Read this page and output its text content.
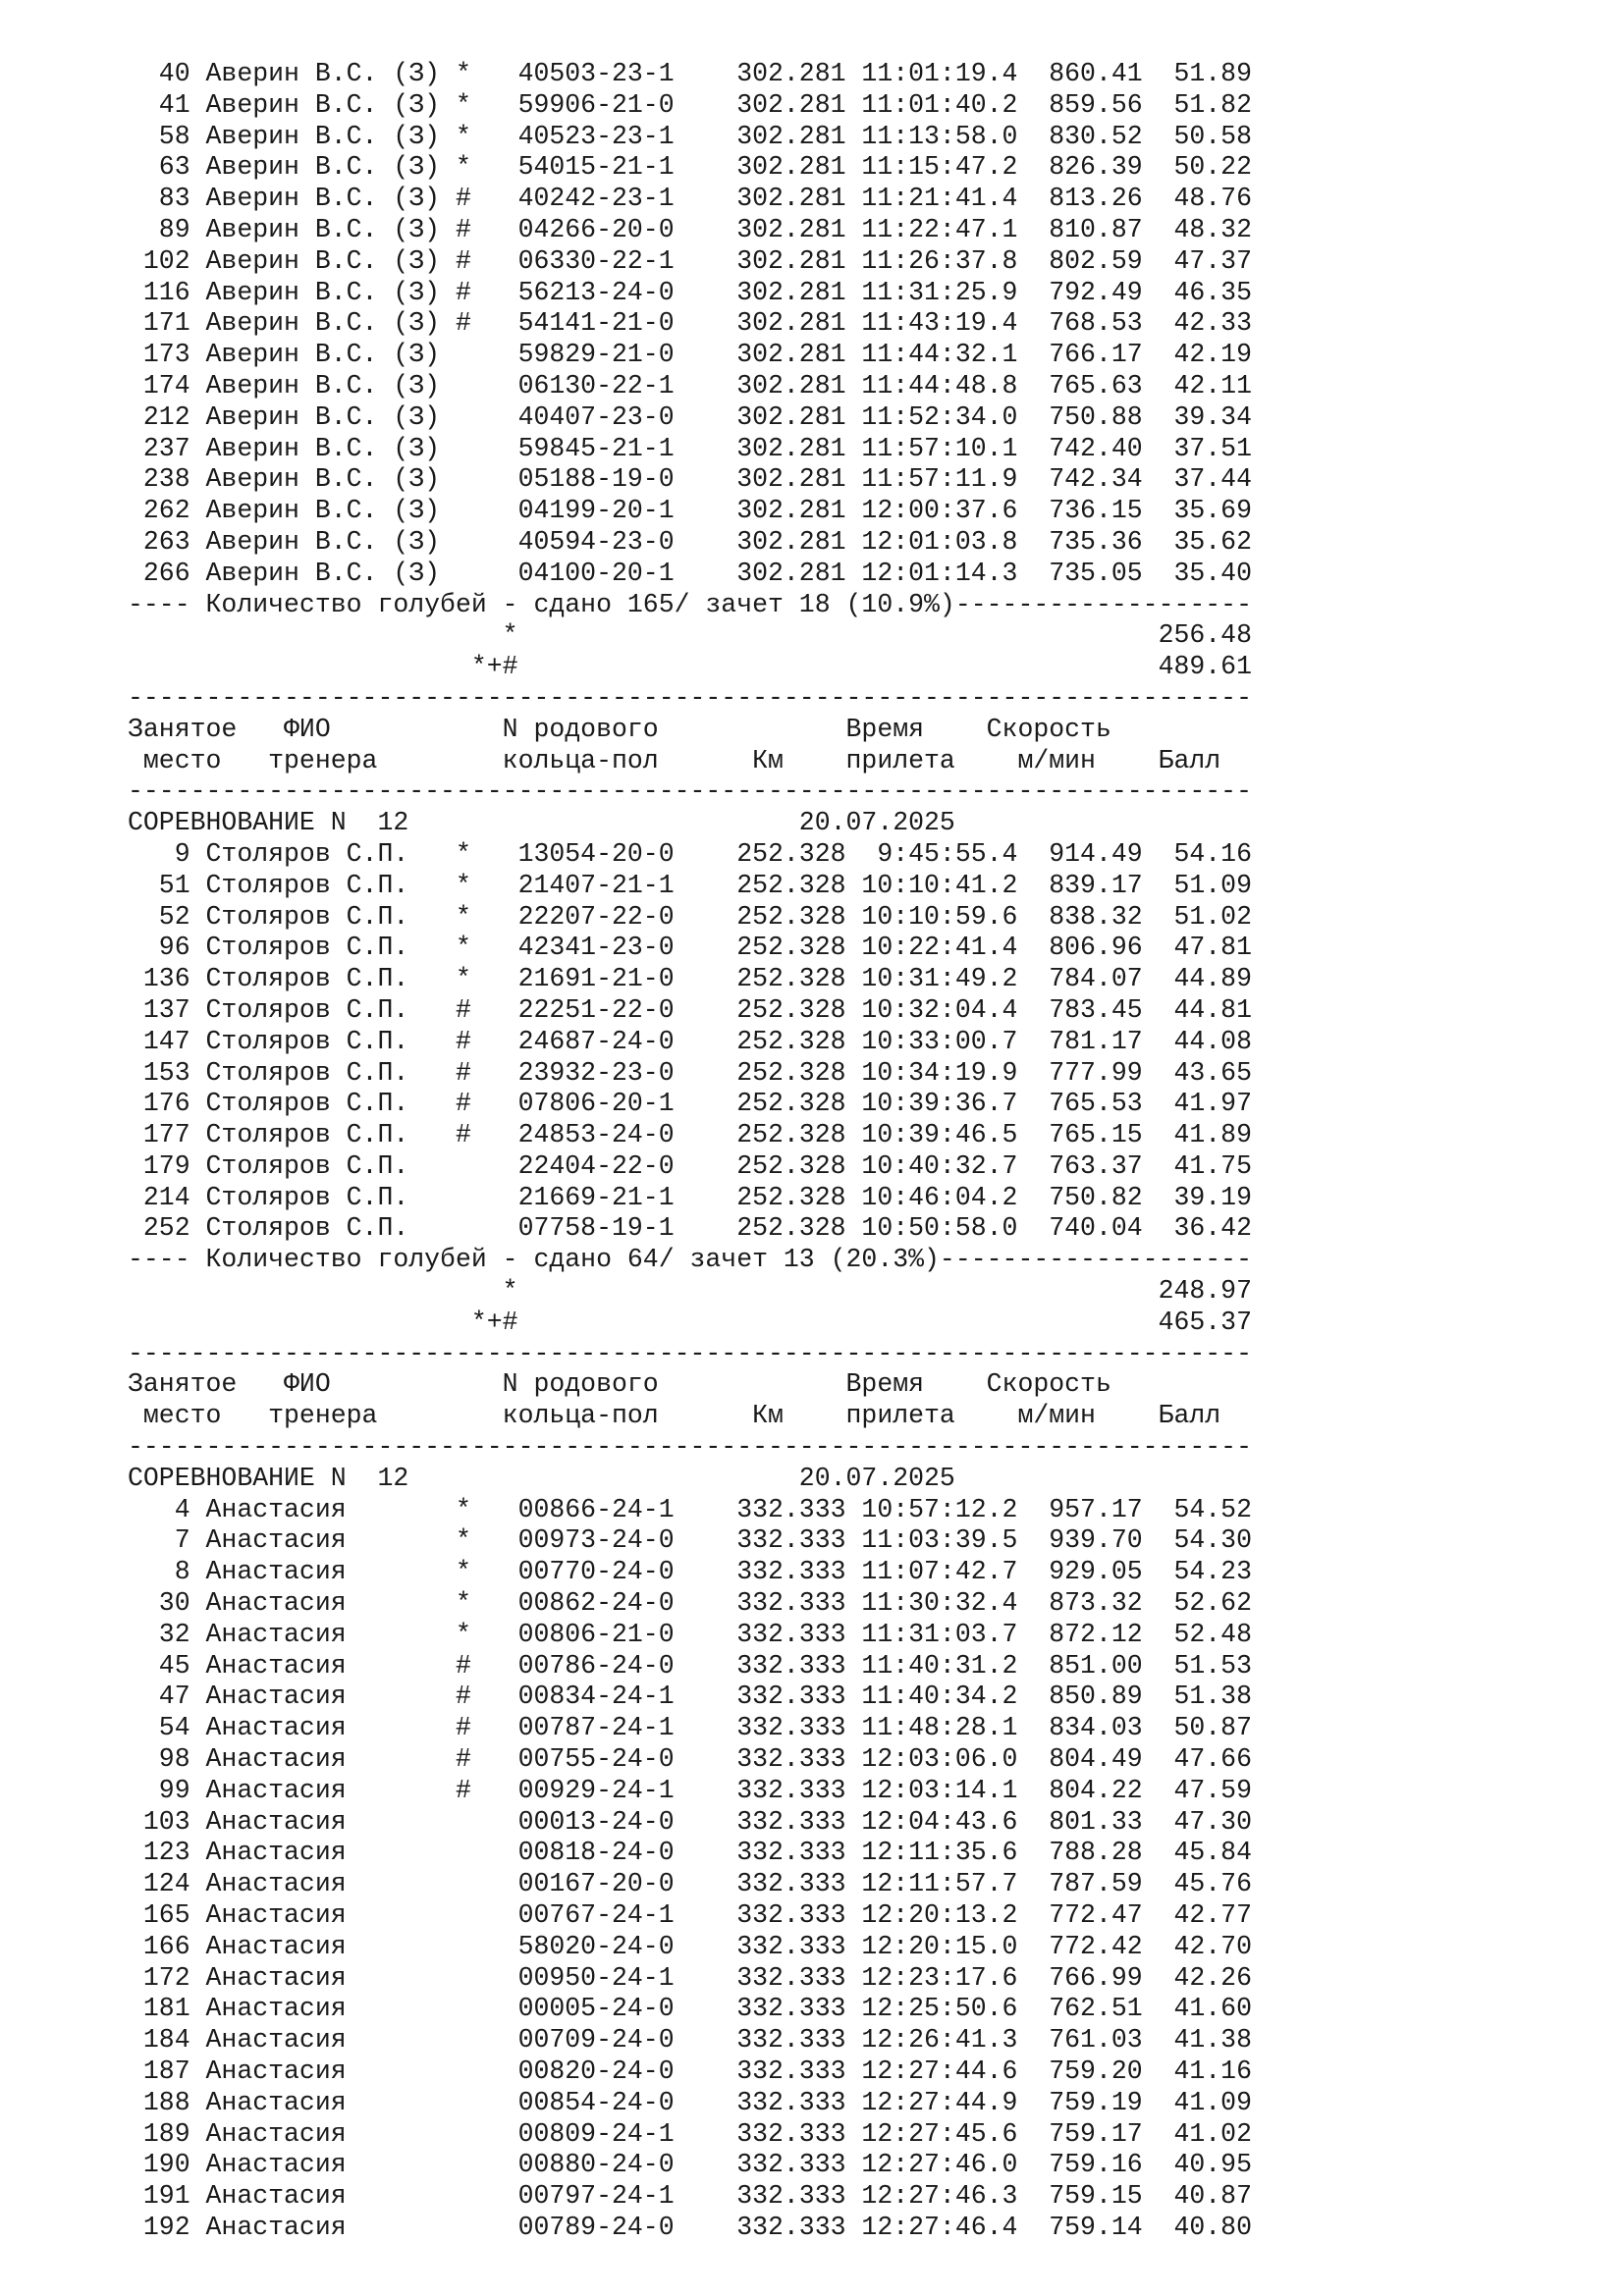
40 Аверин В.С. (З) *   40503-23-1    302.281 11:01:19.4  860.41  51.89
41 Аверин В.С. (З) *   59906-21-0    302.281 11:01:40.2  859.56  51.82
58 Аверин В.С. (З) *   40523-23-1    302.281 11:13:58.0  830.52  50.58
63 Аверин В.С. (З) *   54015-21-1    302.281 11:15:47.2  826.39  50.22
83 Аверин В.С. (З) #   40242-23-1    302.281 11:21:41.4  813.26  48.76
89 Аверин В.С. (З) #   04266-20-0    302.281 11:22:47.1  810.87  48.32
102 Аверин В.С. (З) #   06330-22-1    302.281 11:26:37.8  802.59  47.37
116 Аверин В.С. (З) #   56213-24-0    302.281 11:31:25.9  792.49  46.35
171 Аверин В.С. (З) #   54141-21-0    302.281 11:43:19.4  768.53  42.33
173 Аверин В.С. (З)     59829-21-0    302.281 11:44:32.1  766.17  42.19
174 Аверин В.С. (З)     06130-22-1    302.281 11:44:48.8  765.63  42.11
212 Аверин В.С. (З)     40407-23-0    302.281 11:52:34.0  750.88  39.34
237 Аверин В.С. (З)     59845-21-1    302.281 11:57:10.1  742.40  37.51
238 Аверин В.С. (З)     05188-19-0    302.281 11:57:11.9  742.34  37.44
262 Аверин В.С. (З)     04199-20-1    302.281 12:00:37.6  736.15  35.69
263 Аверин В.С. (З)     40594-23-0    302.281 12:01:03.8  735.36  35.62
266 Аверин В.С. (З)     04100-20-1    302.281 12:01:14.3  735.05  35.40
---- Количество голубей - сдано 165/ зачет 18 (10.9%)-------------------
*                                         256.48
*+#                                         489.61
------------------------------------------------------------------------
Занятое   ФИО           N родового            Время    Скорость
место   тренера        кольца-пол      Км    прилета    м/мин    Балл
------------------------------------------------------------------------
СОРЕВНОВАНИЕ N  12                         20.07.2025
9 Столяров С.П.   *   13054-20-0    252.328  9:45:55.4  914.49  54.16
51 Столяров С.П.   *   21407-21-1    252.328 10:10:41.2  839.17  51.09
52 Столяров С.П.   *   22207-22-0    252.328 10:10:59.6  838.32  51.02
96 Столяров С.П.   *   42341-23-0    252.328 10:22:41.4  806.96  47.81
136 Столяров С.П.   *   21691-21-0    252.328 10:31:49.2  784.07  44.89
137 Столяров С.П.   #   22251-22-0    252.328 10:32:04.4  783.45  44.81
147 Столяров С.П.   #   24687-24-0    252.328 10:33:00.7  781.17  44.08
153 Столяров С.П.   #   23932-23-0    252.328 10:34:19.9  777.99  43.65
176 Столяров С.П.   #   07806-20-1    252.328 10:39:36.7  765.53  41.97
177 Столяров С.П.   #   24853-24-0    252.328 10:39:46.5  765.15  41.89
179 Столяров С.П.       22404-22-0    252.328 10:40:32.7  763.37  41.75
214 Столяров С.П.       21669-21-1    252.328 10:46:04.2  750.82  39.19
252 Столяров С.П.       07758-19-1    252.328 10:50:58.0  740.04  36.42
---- Количество голубей - сдано 64/ зачет 13 (20.3%)--------------------
*                                         248.97
*+#                                         465.37
------------------------------------------------------------------------
Занятое   ФИО           N родового            Время    Скорость
место   тренера        кольца-пол      Км    прилета    м/мин    Балл
------------------------------------------------------------------------
СОРЕВНОВАНИЕ N  12                         20.07.2025
4 Анастасия       *   00866-24-1    332.333 10:57:12.2  957.17  54.52
7 Анастасия       *   00973-24-0    332.333 11:03:39.5  939.70  54.30
8 Анастасия       *   00770-24-0    332.333 11:07:42.7  929.05  54.23
30 Анастасия       *   00862-24-0    332.333 11:30:32.4  873.32  52.62
32 Анастасия       *   00806-21-0    332.333 11:31:03.7  872.12  52.48
45 Анастасия       #   00786-24-0    332.333 11:40:31.2  851.00  51.53
47 Анастасия       #   00834-24-1    332.333 11:40:34.2  850.89  51.38
54 Анастасия       #   00787-24-1    332.333 11:48:28.1  834.03  50.87
98 Анастасия       #   00755-24-0    332.333 12:03:06.0  804.49  47.66
99 Анастасия       #   00929-24-1    332.333 12:03:14.1  804.22  47.59
103 Анастасия           00013-24-0    332.333 12:04:43.6  801.33  47.30
123 Анастасия           00818-24-0    332.333 12:11:35.6  788.28  45.84
124 Анастасия           00167-20-0    332.333 12:11:57.7  787.59  45.76
165 Анастасия           00767-24-1    332.333 12:20:13.2  772.47  42.77
166 Анастасия           58020-24-0    332.333 12:20:15.0  772.42  42.70
172 Анастасия           00950-24-1    332.333 12:23:17.6  766.99  42.26
181 Анастасия           00005-24-0    332.333 12:25:50.6  762.51  41.60
184 Анастасия           00709-24-0    332.333 12:26:41.3  761.03  41.38
187 Анастасия           00820-24-0    332.333 12:27:44.6  759.20  41.16
188 Анастасия           00854-24-0    332.333 12:27:44.9  759.19  41.09
189 Анастасия           00809-24-1    332.333 12:27:45.6  759.17  41.02
190 Анастасия           00880-24-0    332.333 12:27:46.0  759.16  40.95
191 Анастасия           00797-24-1    332.333 12:27:46.3  759.15  40.87
192 Анастасия           00789-24-0    332.333 12:27:46.4  759.14  40.80
